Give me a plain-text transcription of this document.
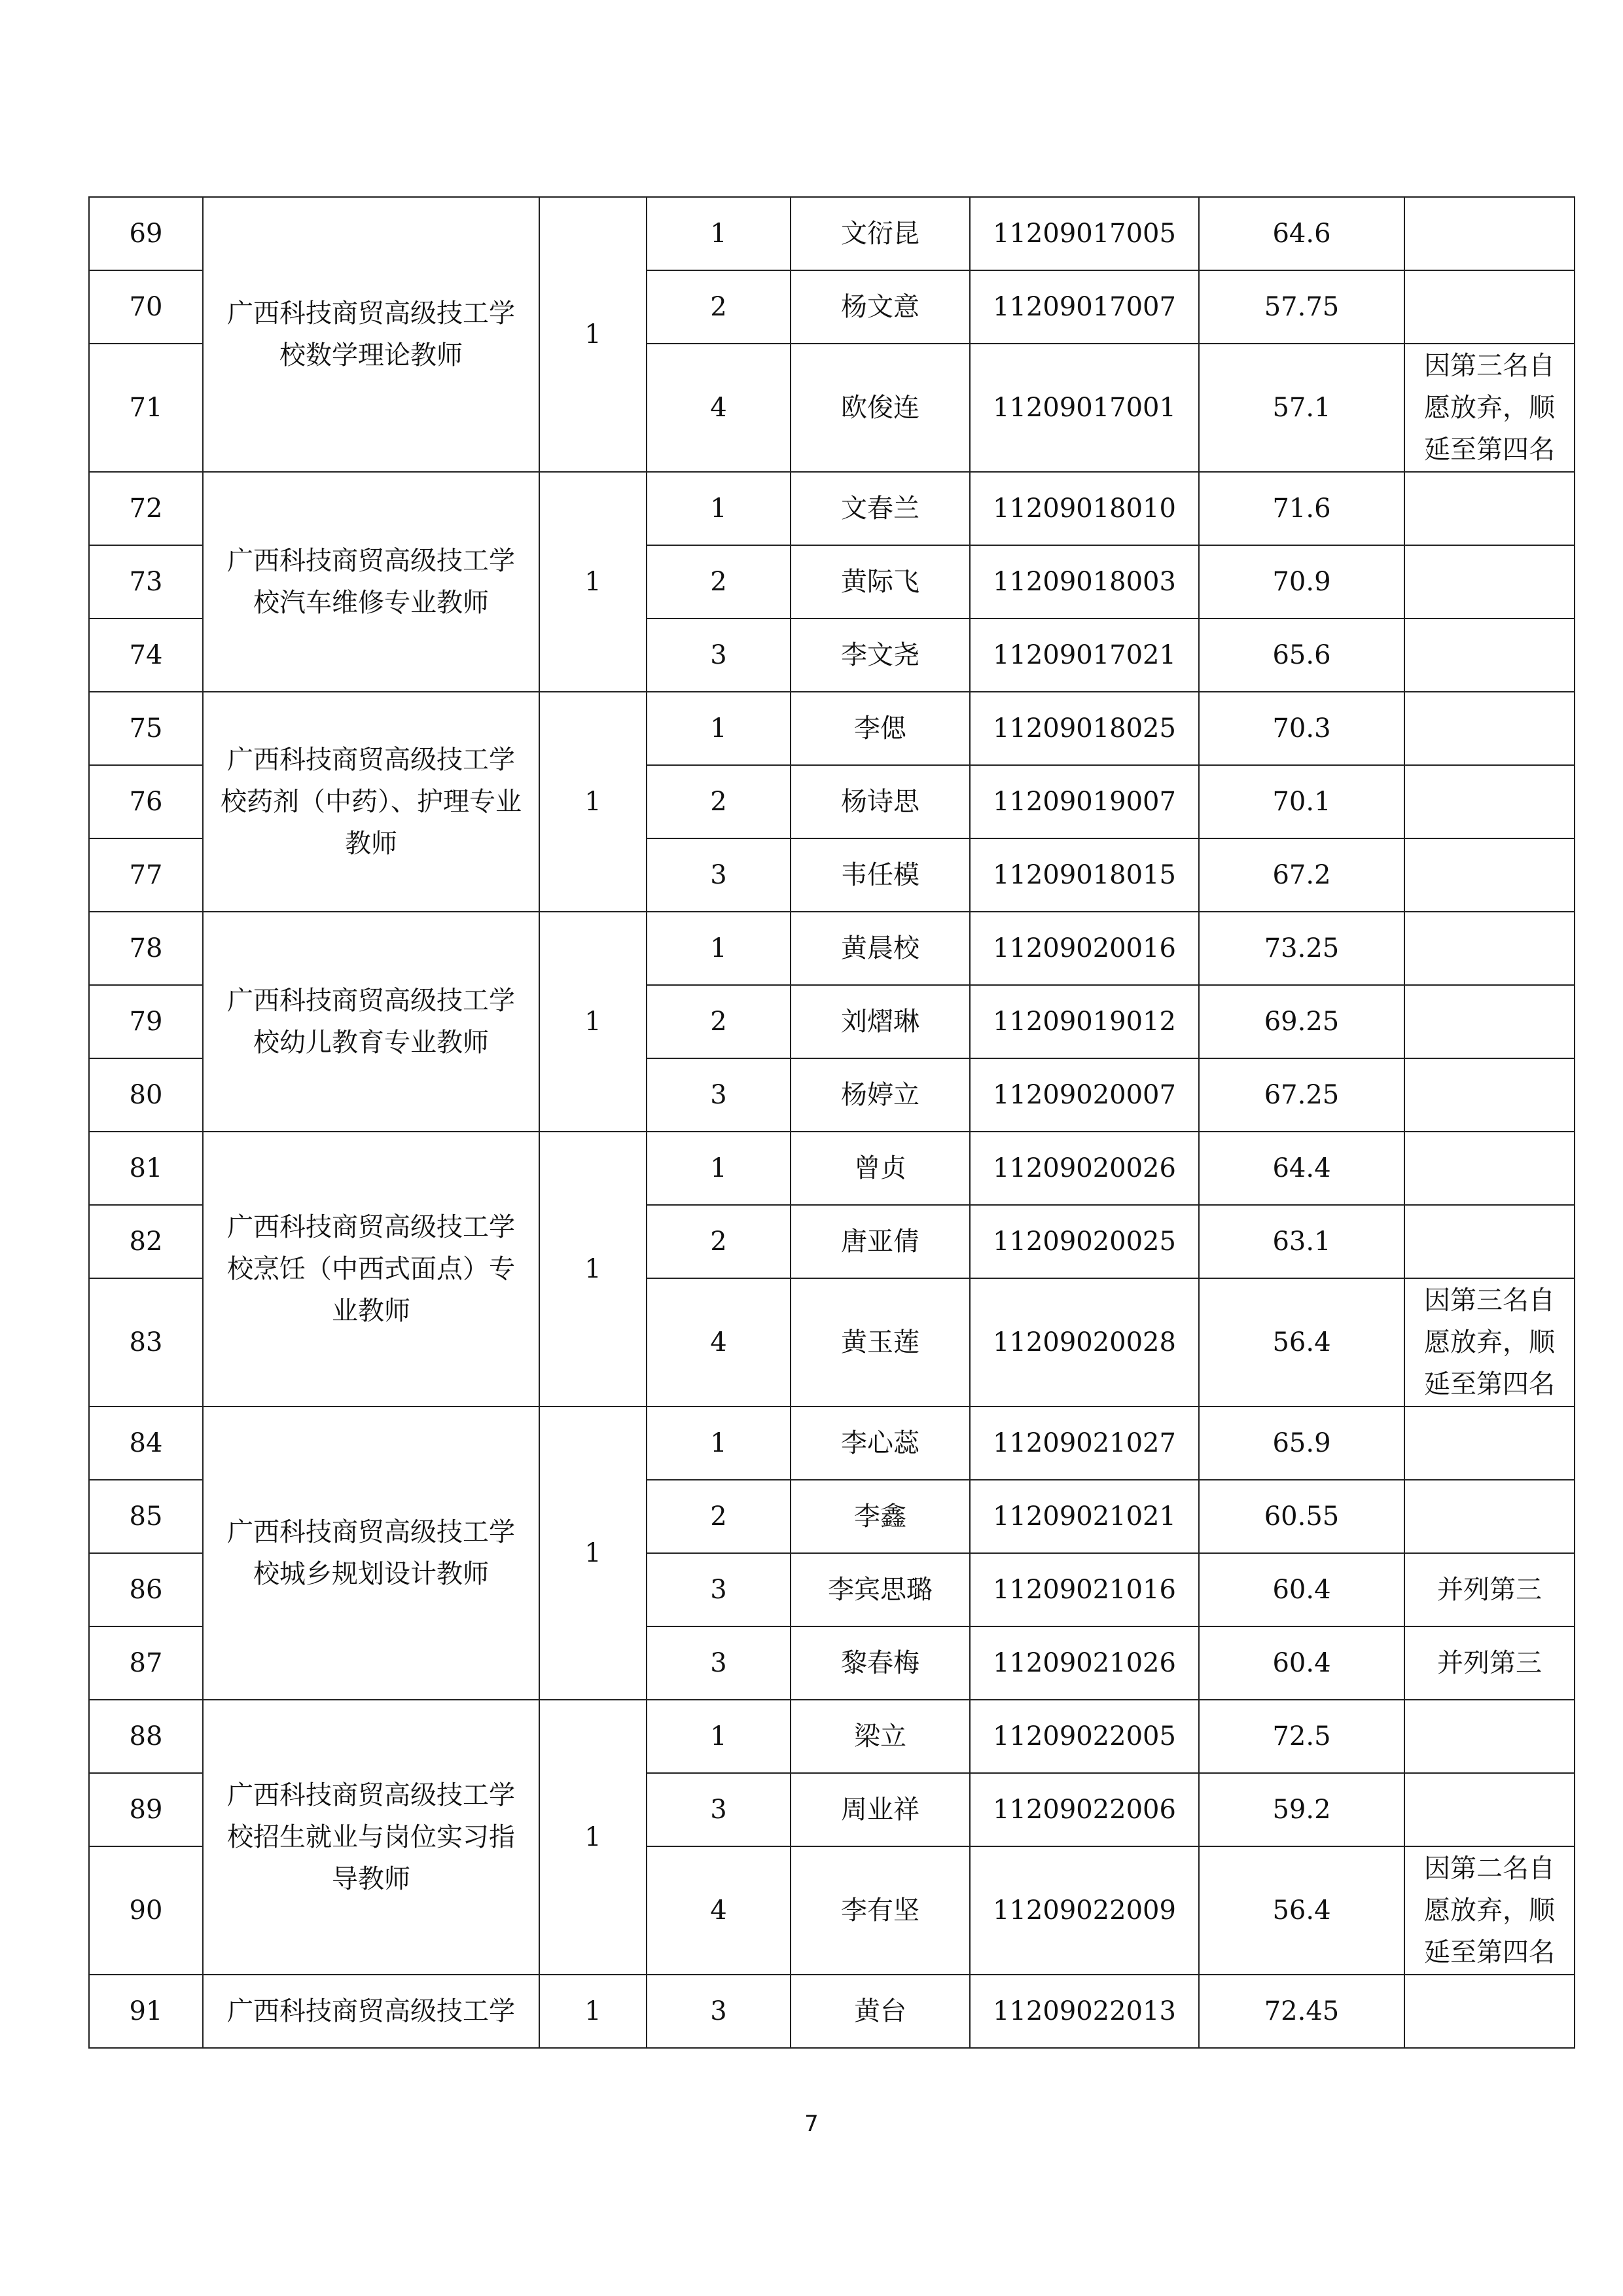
69	广西科技商贸高级技工学校数学理论教师	1	1	文衍昆	11209017005	64.6	
70			2	杨文意	11209017007	57.75	
71			4	欧俊连	11209017001	57.1	因第三名自愿放弃，顺延至第四名
72	广西科技商贸高级技工学校汽车维修专业教师	1	1	文春兰	11209018010	71.6	
73			2	黄际飞	11209018003	70.9	
74			3	李文尧	11209017021	65.6	
75	广西科技商贸高级技工学校药剂（中药）、护理专业教师	1	1	李偲	11209018025	70.3	
76			2	杨诗思	11209019007	70.1	
77			3	韦任模	11209018015	67.2	
78	广西科技商贸高级技工学校幼儿教育专业教师	1	1	黄晨校	11209020016	73.25	
79			2	刘熠琳	11209019012	69.25	
80			3	杨婷立	11209020007	67.25	
81	广西科技商贸高级技工学校烹饪（中西式面点）专业教师	1	1	曾贞	11209020026	64.4	
82			2	唐亚倩	11209020025	63.1	
83			4	黄玉莲	11209020028	56.4	因第三名自愿放弃，顺延至第四名
84	广西科技商贸高级技工学校城乡规划设计教师	1	1	李心蕊	11209021027	65.9	
85			2	李鑫	11209021021	60.55	
86			3	李宾思璐	11209021016	60.4	并列第三
87			3	黎春梅	11209021026	60.4	并列第三
88	广西科技商贸高级技工学校招生就业与岗位实习指导教师	1	1	梁立	11209022005	72.5	
89			3	周业祥	11209022006	59.2	
90			4	李有坚	11209022009	56.4	因第二名自愿放弃，顺延至第四名
91	广西科技商贸高级技工学	1	3	黄台	11209022013	72.45	
7
